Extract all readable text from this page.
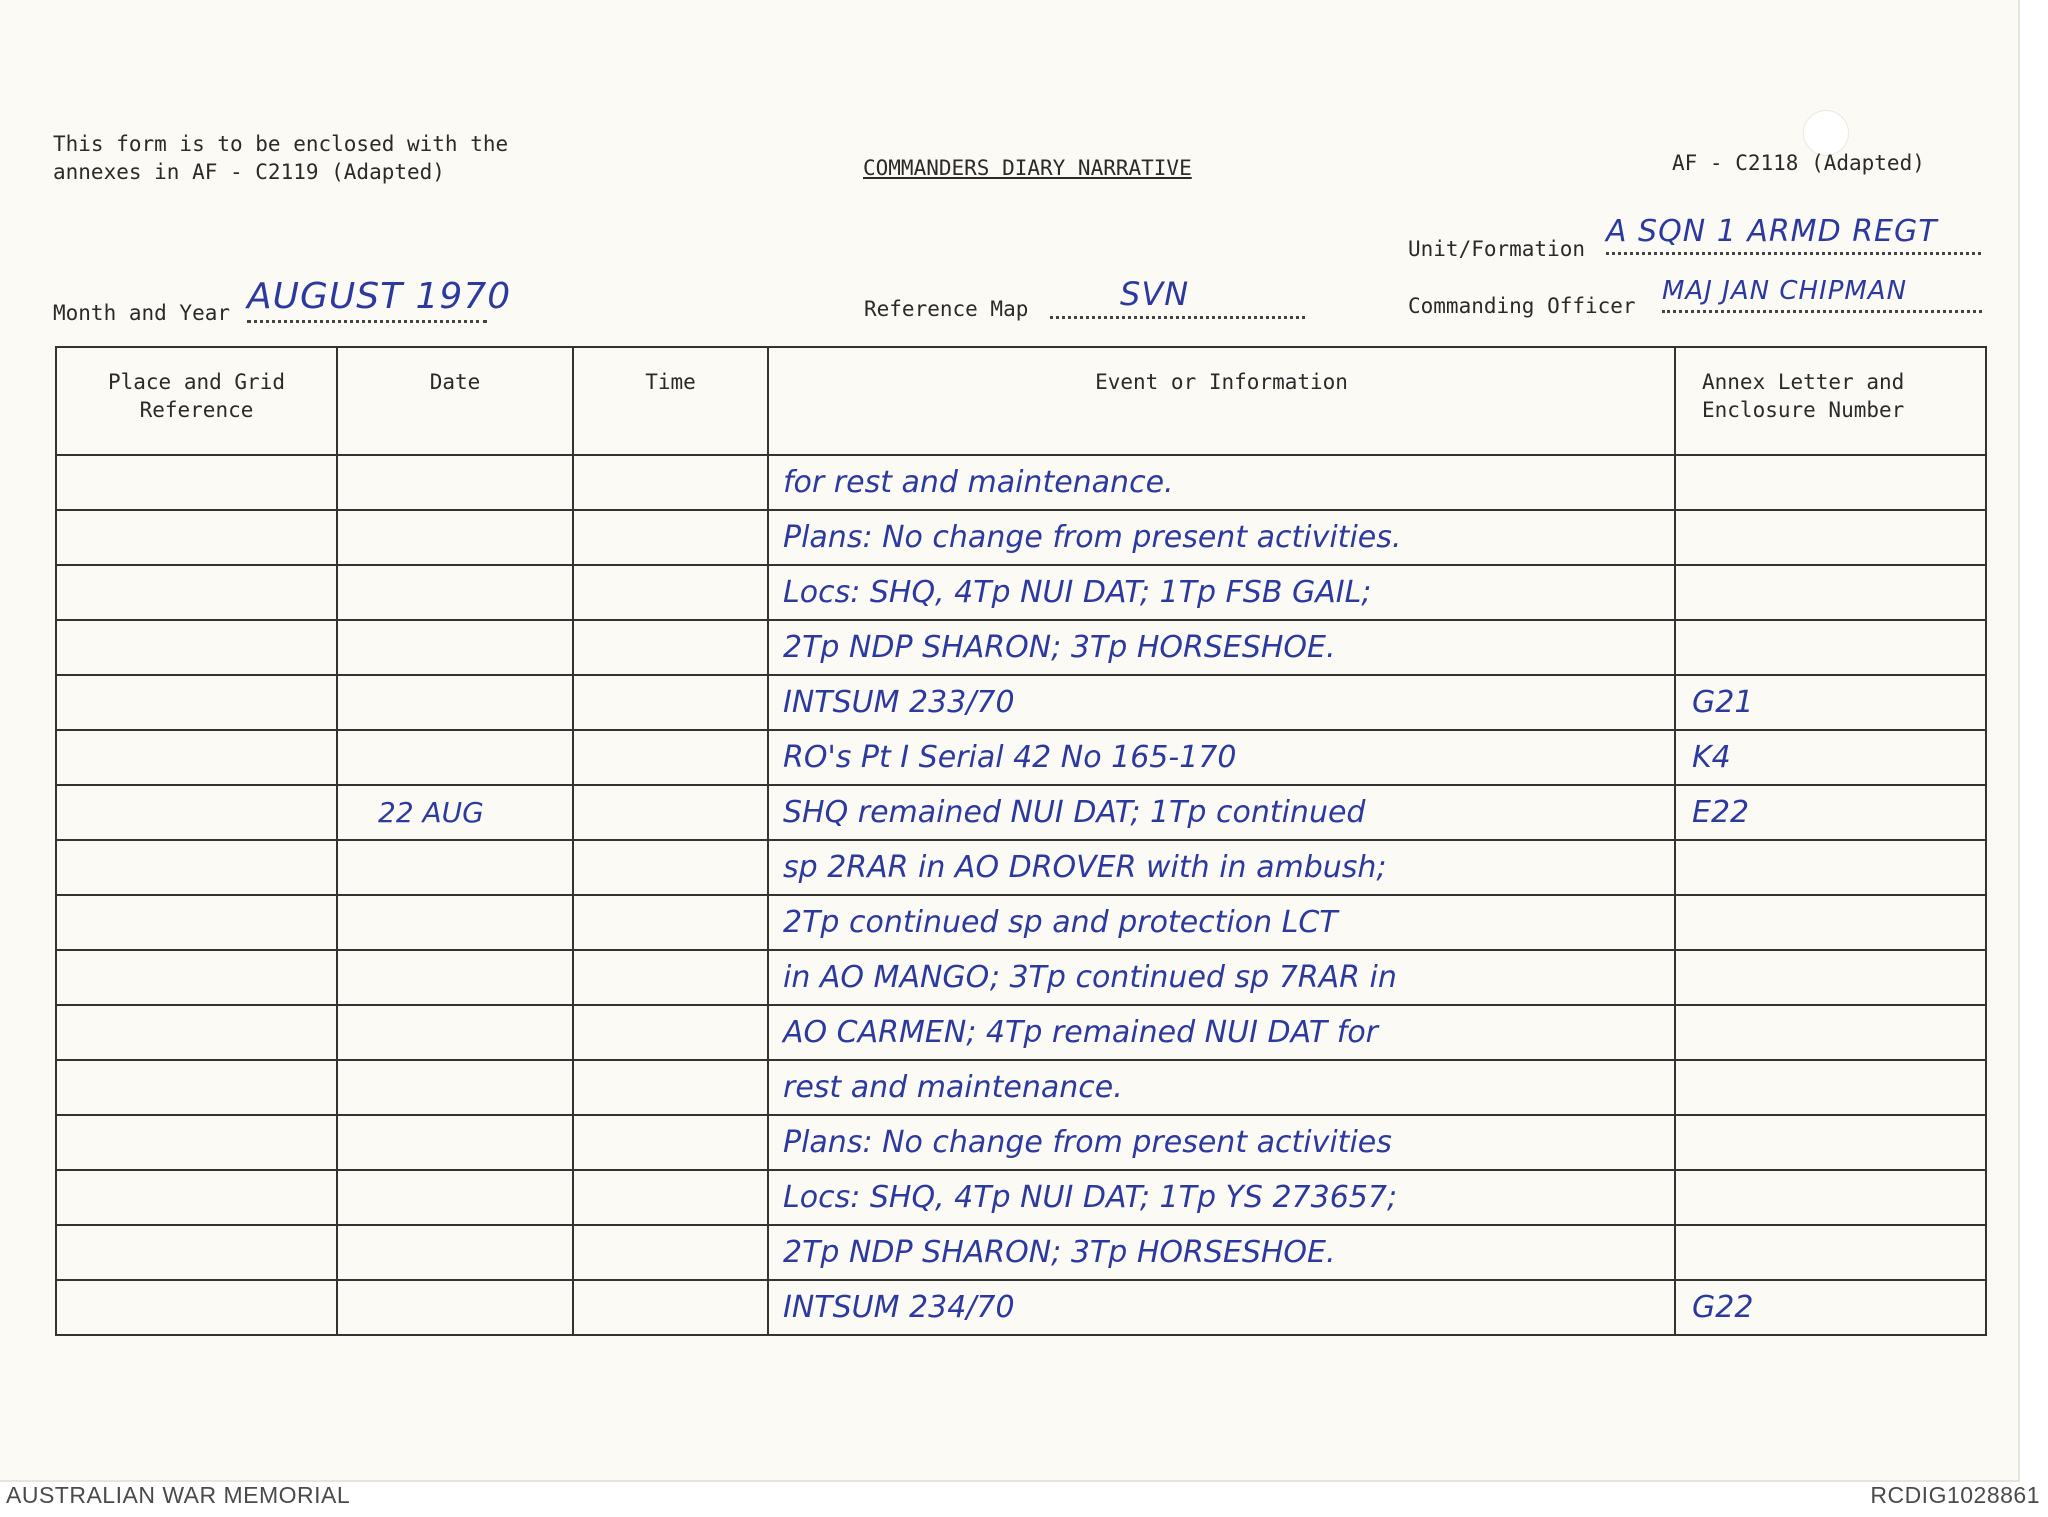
This form is to be enclosed with the
annexes in AF - C2119 (Adapted)	COMMANDERS DIARY NARRATIVE	AF - C2118 (Adapted)
Unit/Formation A SQN 1 ARMD REGT
Month and Year AUGUST 1970	Reference Map	SVN	Commanding Officer MAJ JAN CHIPMAN
Place and Grid Reference	Date	Time	Event or Information	Annex Letter and Enclosure Number
			for rest and maintenance.	
			Plans: No change from present activities.	
			Locs: SHQ, 4Tp NUI DAT; 1Tp FSB GAIL;	
			2Tp NDP SHARON; 3Tp HORSESHOE.	
			INTSUM 233/70	G21
			RO's Pt I Serial 42 No 165-170	K4
	22 AUG		SHQ remained NUI DAT; 1Tp continued	E22
			sp 2RAR in AO DROVER with in ambush;	
			2Tp continued sp and protection LCT	
			in AO MANGO; 3Tp continued sp 7RAR in	
			AO CARMEN; 4Tp remained NUI DAT for	
			rest and maintenance.	
			Plans: No change from present activities	
			Locs: SHQ, 4Tp NUI DAT; 1Tp YS 273657;	
			2Tp NDP SHARON; 3Tp HORSESHOE.	
			INTSUM 234/70	G22
AUSTRALIAN WAR MEMORIAL	RCDIG1028861
